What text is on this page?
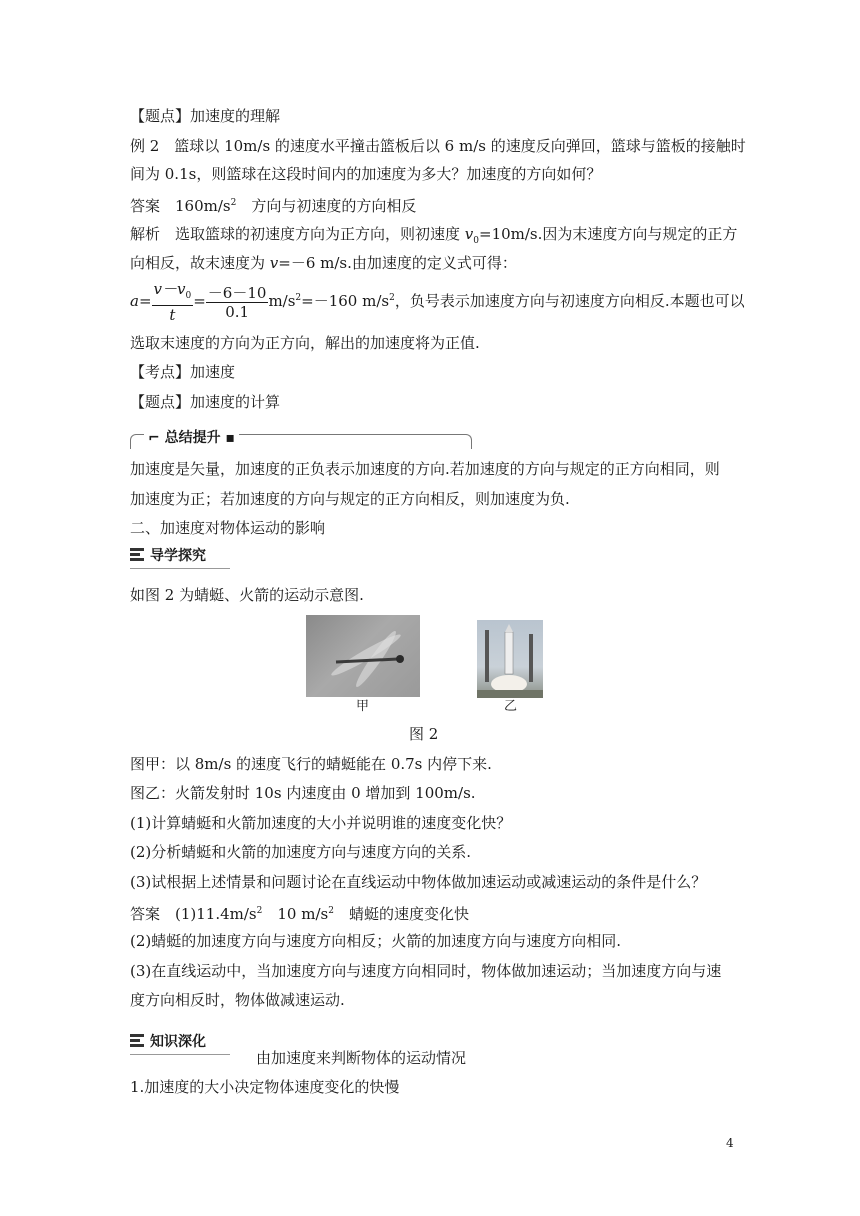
【题点】加速度的理解
例 2　篮球以 10m/s 的速度水平撞击篮板后以 6 m/s 的速度反向弹回，篮球与篮板的接触时
间为 0.1s，则篮球在这段时间内的加速度为多大？加速度的方向如何？
答案　$160m/s^2$　方向与初速度的方向相反
解析　选取篮球的初速度方向为正方向，则初速度 $v_0=10m/s$.因为末速度方向与规定的正方
向相反，故末速度为 v=－6 m/s.由加速度的定义式可得：
$a= \frac{v-v_0}{t} = \frac{-6-10}{0.1} m/s^2=-160$ $m/s^2$，负号表示加速度方向与初速度方向相反.本题也可以
选取末速度的方向为正方向，解出的加速度将为正值.
【考点】加速度
【题点】加速度的计算
⌐ 总结提升 ▪
加速度是矢量，加速度的正负表示加速度的方向.若加速度的方向与规定的正方向相同，则
加速度为正；若加速度的方向与规定的正方向相反，则加速度为负.
二、加速度对物体运动的影响
导学探究
如图 2 为蜻蜓、火箭的运动示意图.
甲	乙
图 2
图甲：以 8m/s 的速度飞行的蜻蜓能在 0.7s 内停下来.
图乙：火箭发射时 10s 内速度由 0 增加到 100m/s.
(1)计算蜻蜓和火箭加速度的大小并说明谁的速度变化快？
(2)分析蜻蜓和火箭的加速度方向与速度方向的关系.
(3)试根据上述情景和问题讨论在直线运动中物体做加速运动或减速运动的条件是什么？
答案　$(1)11.4m/s^2$　10 $m/s^2$　蜻蜓的速度变化快
(2)蜻蜓的加速度方向与速度方向相反；火箭的加速度方向与速度方向相同.
(3)在直线运动中，当加速度方向与速度方向相同时，物体做加速运动；当加速度方向与速
度方向相反时，物体做减速运动.
知识深化
由加速度来判断物体的运动情况
1.加速度的大小决定物体速度变化的快慢
4
